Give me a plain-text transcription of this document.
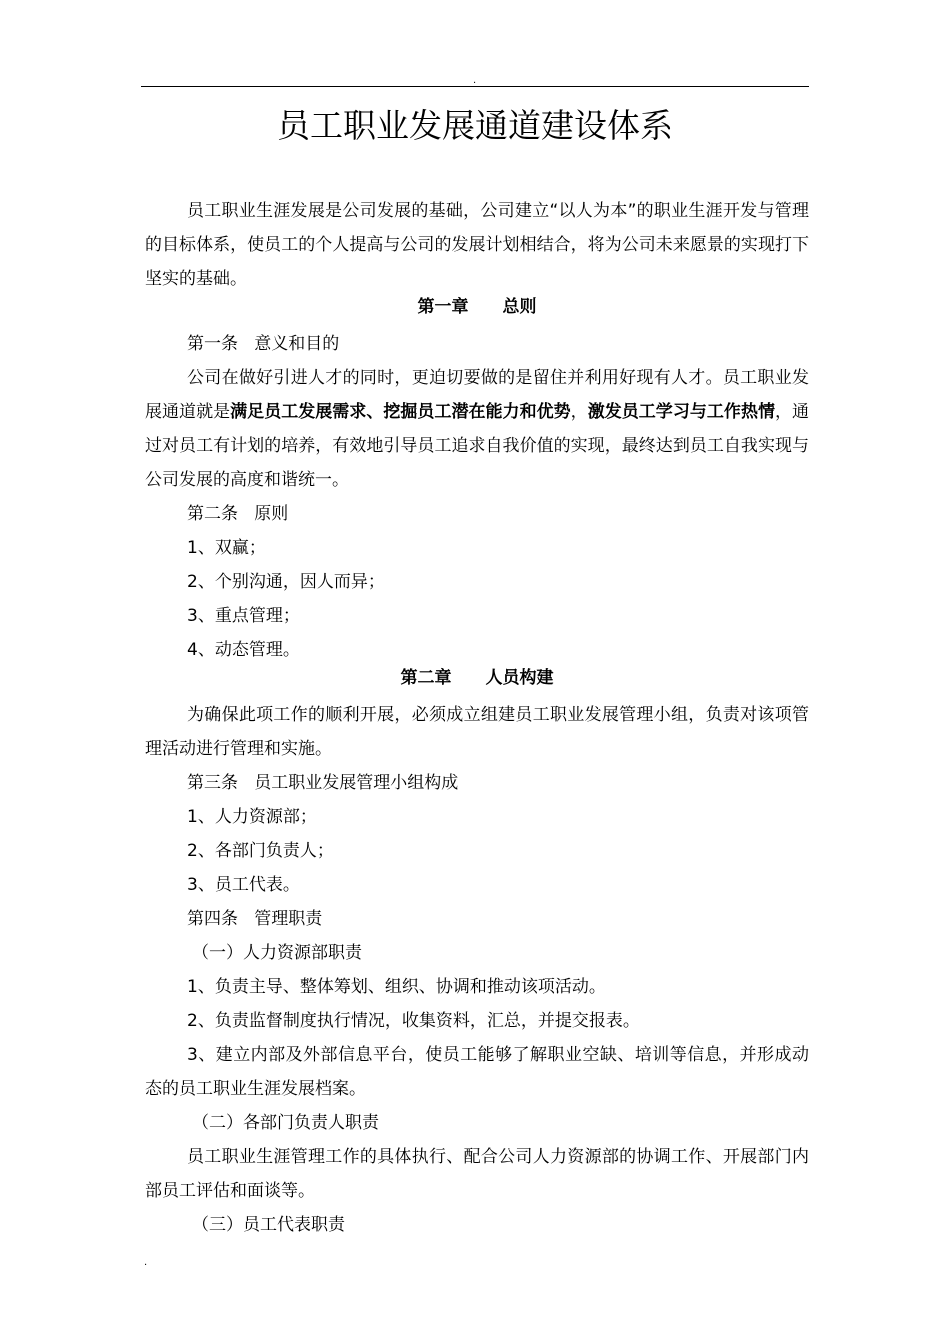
.
员工职业发展通道建设体系

员工职业生涯发展是公司发展的基础，公司建立“以人为本”的职业生涯开发与管理的目标体系，使员工的个人提高与公司的发展计划相结合，将为公司未来愿景的实现打下坚实的基础。

第一章 总则

第一条   意义和目的

公司在做好引进人才的同时，更迫切要做的是留住并利用好现有人才。员工职业发展通道就是满足员工发展需求、挖掘员工潜在能力和优势，激发员工学习与工作热情，通过对员工有计划的培养，有效地引导员工追求自我价值的实现，最终达到员工自我实现与公司发展的高度和谐统一。

第二条   原则

1、双赢；

2、个别沟通，因人而异；

3、重点管理；

4、动态管理。

第二章 人员构建

为确保此项工作的顺利开展，必须成立组建员工职业发展管理小组，负责对该项管理活动进行管理和实施。

第三条   员工职业发展管理小组构成

1、人力资源部；

2、各部门负责人；

3、员工代表。

第四条   管理职责

（一）人力资源部职责

1、负责主导、整体筹划、组织、协调和推动该项活动。

2、负责监督制度执行情况，收集资料，汇总，并提交报表。

3、建立内部及外部信息平台，使员工能够了解职业空缺、培训等信息，并形成动态的员工职业生涯发展档案。

（二）各部门负责人职责

员工职业生涯管理工作的具体执行、配合公司人力资源部的协调工作、开展部门内部员工评估和面谈等。

（三）员工代表职责

.
